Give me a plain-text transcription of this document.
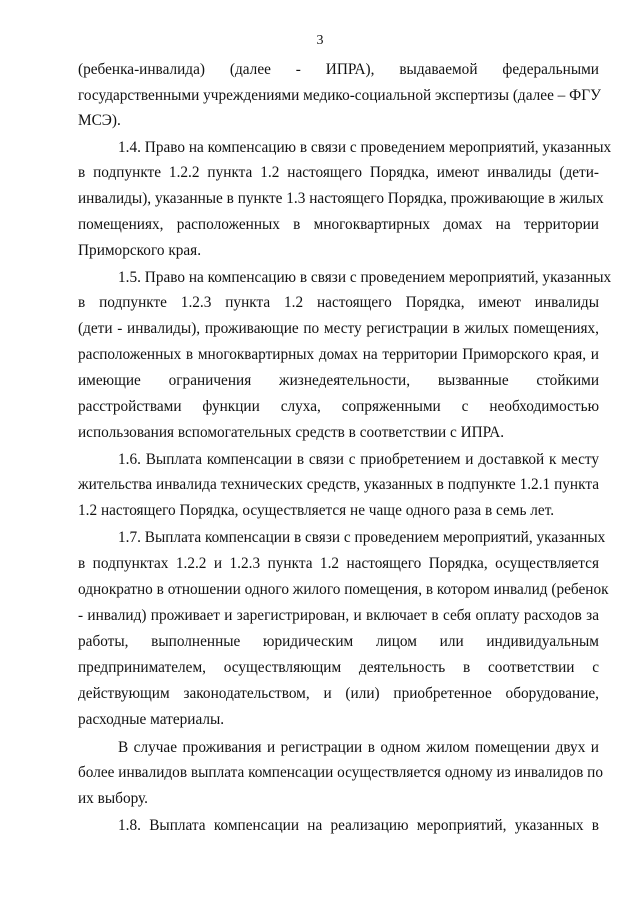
3
(ребенка-инвалида) (далее - ИПРА), выдаваемой федеральными
государственными учреждениями медико-социальной экспертизы (далее – ФГУ
МСЭ).
1.4. Право на компенсацию в связи с проведением мероприятий, указанных
в подпункте 1.2.2 пункта 1.2 настоящего Порядка, имеют инвалиды (дети-
инвалиды), указанные в пункте 1.3 настоящего Порядка, проживающие в жилых
помещениях, расположенных в многоквартирных домах на территории
Приморского края.
1.5. Право на компенсацию в связи с проведением мероприятий, указанных
в подпункте 1.2.3 пункта 1.2 настоящего Порядка, имеют инвалиды
(дети - инвалиды), проживающие по месту регистрации в жилых помещениях,
расположенных в многоквартирных домах на территории Приморского края, и
имеющие ограничения жизнедеятельности, вызванные стойкими
расстройствами функции слуха, сопряженными с необходимостью
использования вспомогательных средств в соответствии с ИПРА.
1.6. Выплата компенсации в связи с приобретением и доставкой к месту
жительства инвалида технических средств, указанных в подпункте 1.2.1 пункта
1.2 настоящего Порядка, осуществляется не чаще одного раза в семь лет.
1.7. Выплата компенсации в связи с проведением мероприятий, указанных
в подпунктах 1.2.2 и 1.2.3 пункта 1.2 настоящего Порядка, осуществляется
однократно в отношении одного жилого помещения, в котором инвалид (ребенок
- инвалид) проживает и зарегистрирован, и включает в себя оплату расходов за
работы, выполненные юридическим лицом или индивидуальным
предпринимателем, осуществляющим деятельность в соответствии с
действующим законодательством, и (или) приобретенное оборудование,
расходные материалы.
В случае проживания и регистрации в одном жилом помещении двух и
более инвалидов выплата компенсации осуществляется одному из инвалидов по
их выбору.
1.8. Выплата компенсации на реализацию мероприятий, указанных в
